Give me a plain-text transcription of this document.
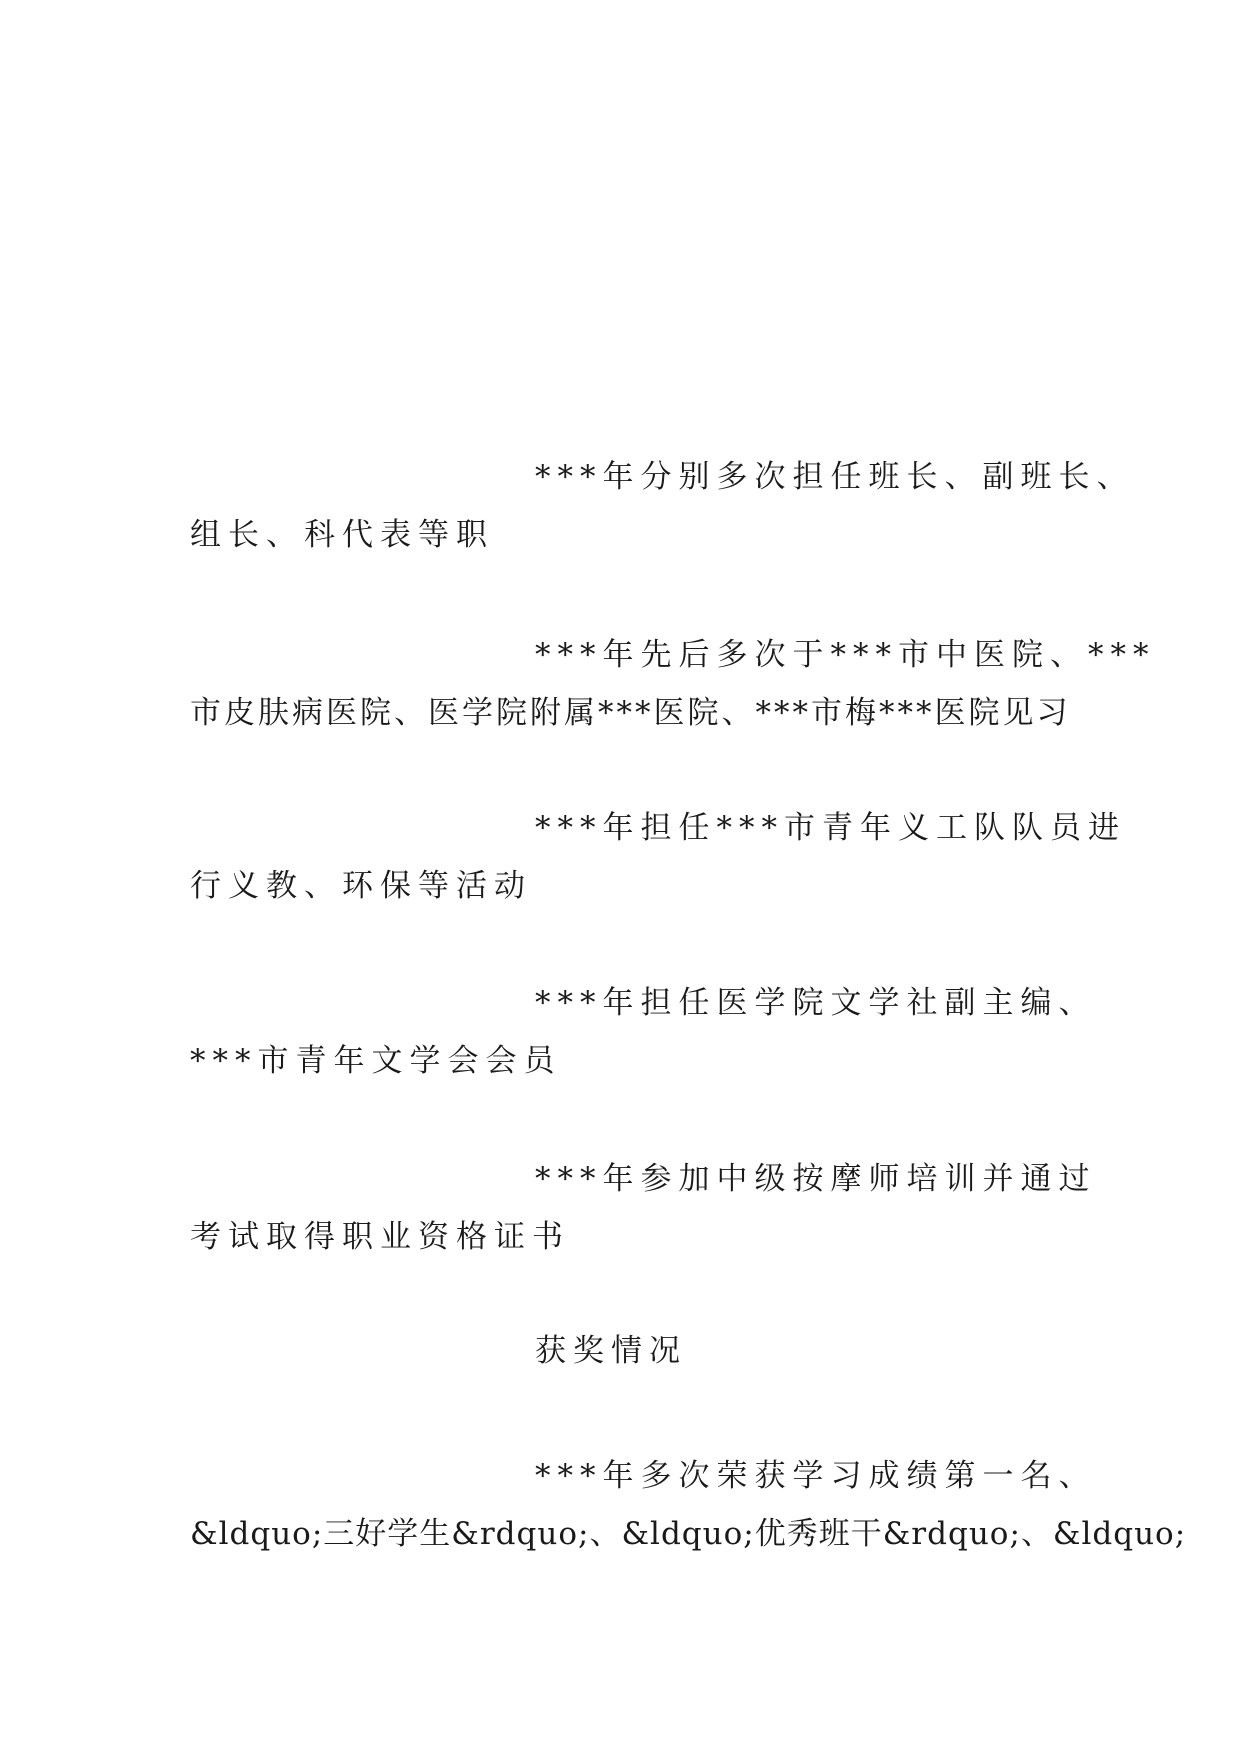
***年分别多次担任班长、副班长、
组长、科代表等职

***年先后多次于***市中医院、***
市皮肤病医院、医学院附属***医院、***市梅***医院见习

***年担任***市青年义工队队员进
行义教、环保等活动

***年担任医学院文学社副主编、
***市青年文学会会员

***年参加中级按摩师培训并通过
考试取得职业资格证书

获奖情况

***年多次荣获学习成绩第一名、
&ldquo;三好学生&rdquo;、&ldquo;优秀班干&rdquo;、&ldquo;
